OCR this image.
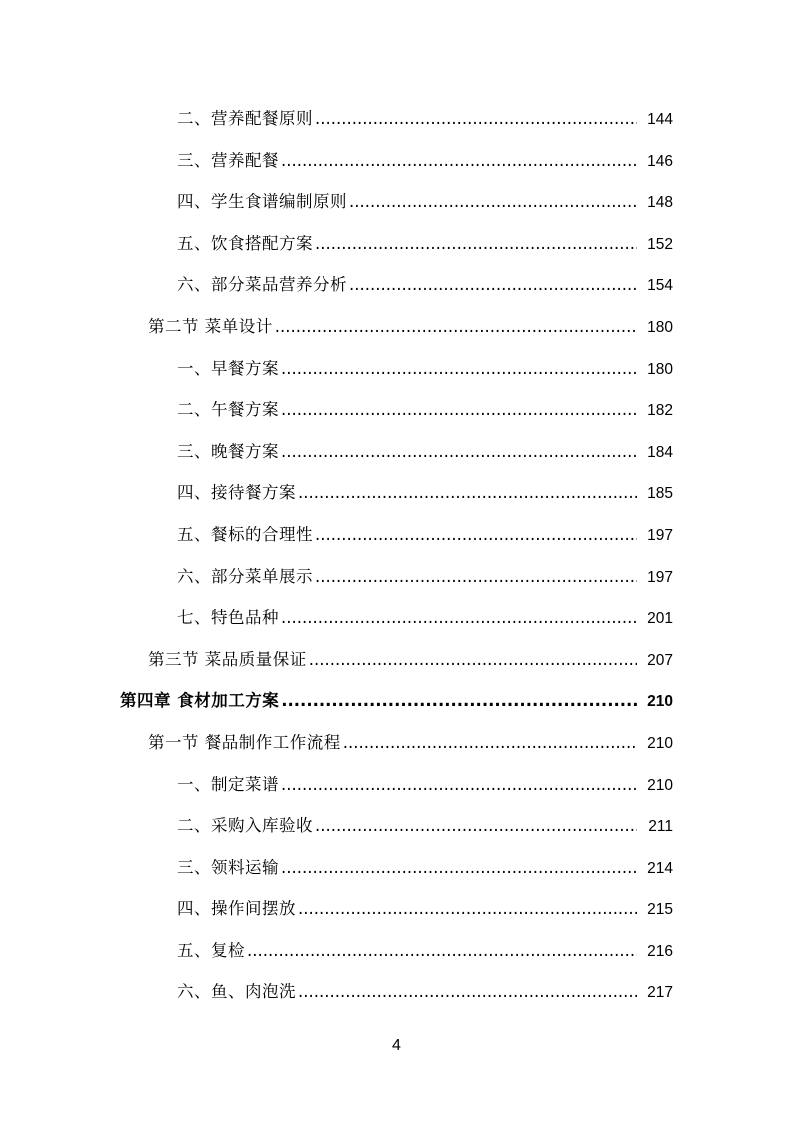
二、营养配餐原则 .....	144
三、营养配餐 .....	146
四、学生食谱编制原则 .....	148
五、饮食搭配方案 .....	152
六、部分菜品营养分析 .....	154
第二节 菜单设计 .....	180
一、早餐方案 .....	180
二、午餐方案 .....	182
三、晚餐方案 .....	184
四、接待餐方案 .....	185
五、餐标的合理性 .....	197
六、部分菜单展示 .....	197
七、特色品种 .....	201
第三节 菜品质量保证 .....	207
第四章 食材加工方案 .....	210
第一节 餐品制作工作流程 .....	210
一、制定菜谱 .....	210
二、采购入库验收 .....	211
三、领料运输 .....	214
四、操作间摆放 .....	215
五、复检 .....	216
六、鱼、肉泡洗 .....	217
4
